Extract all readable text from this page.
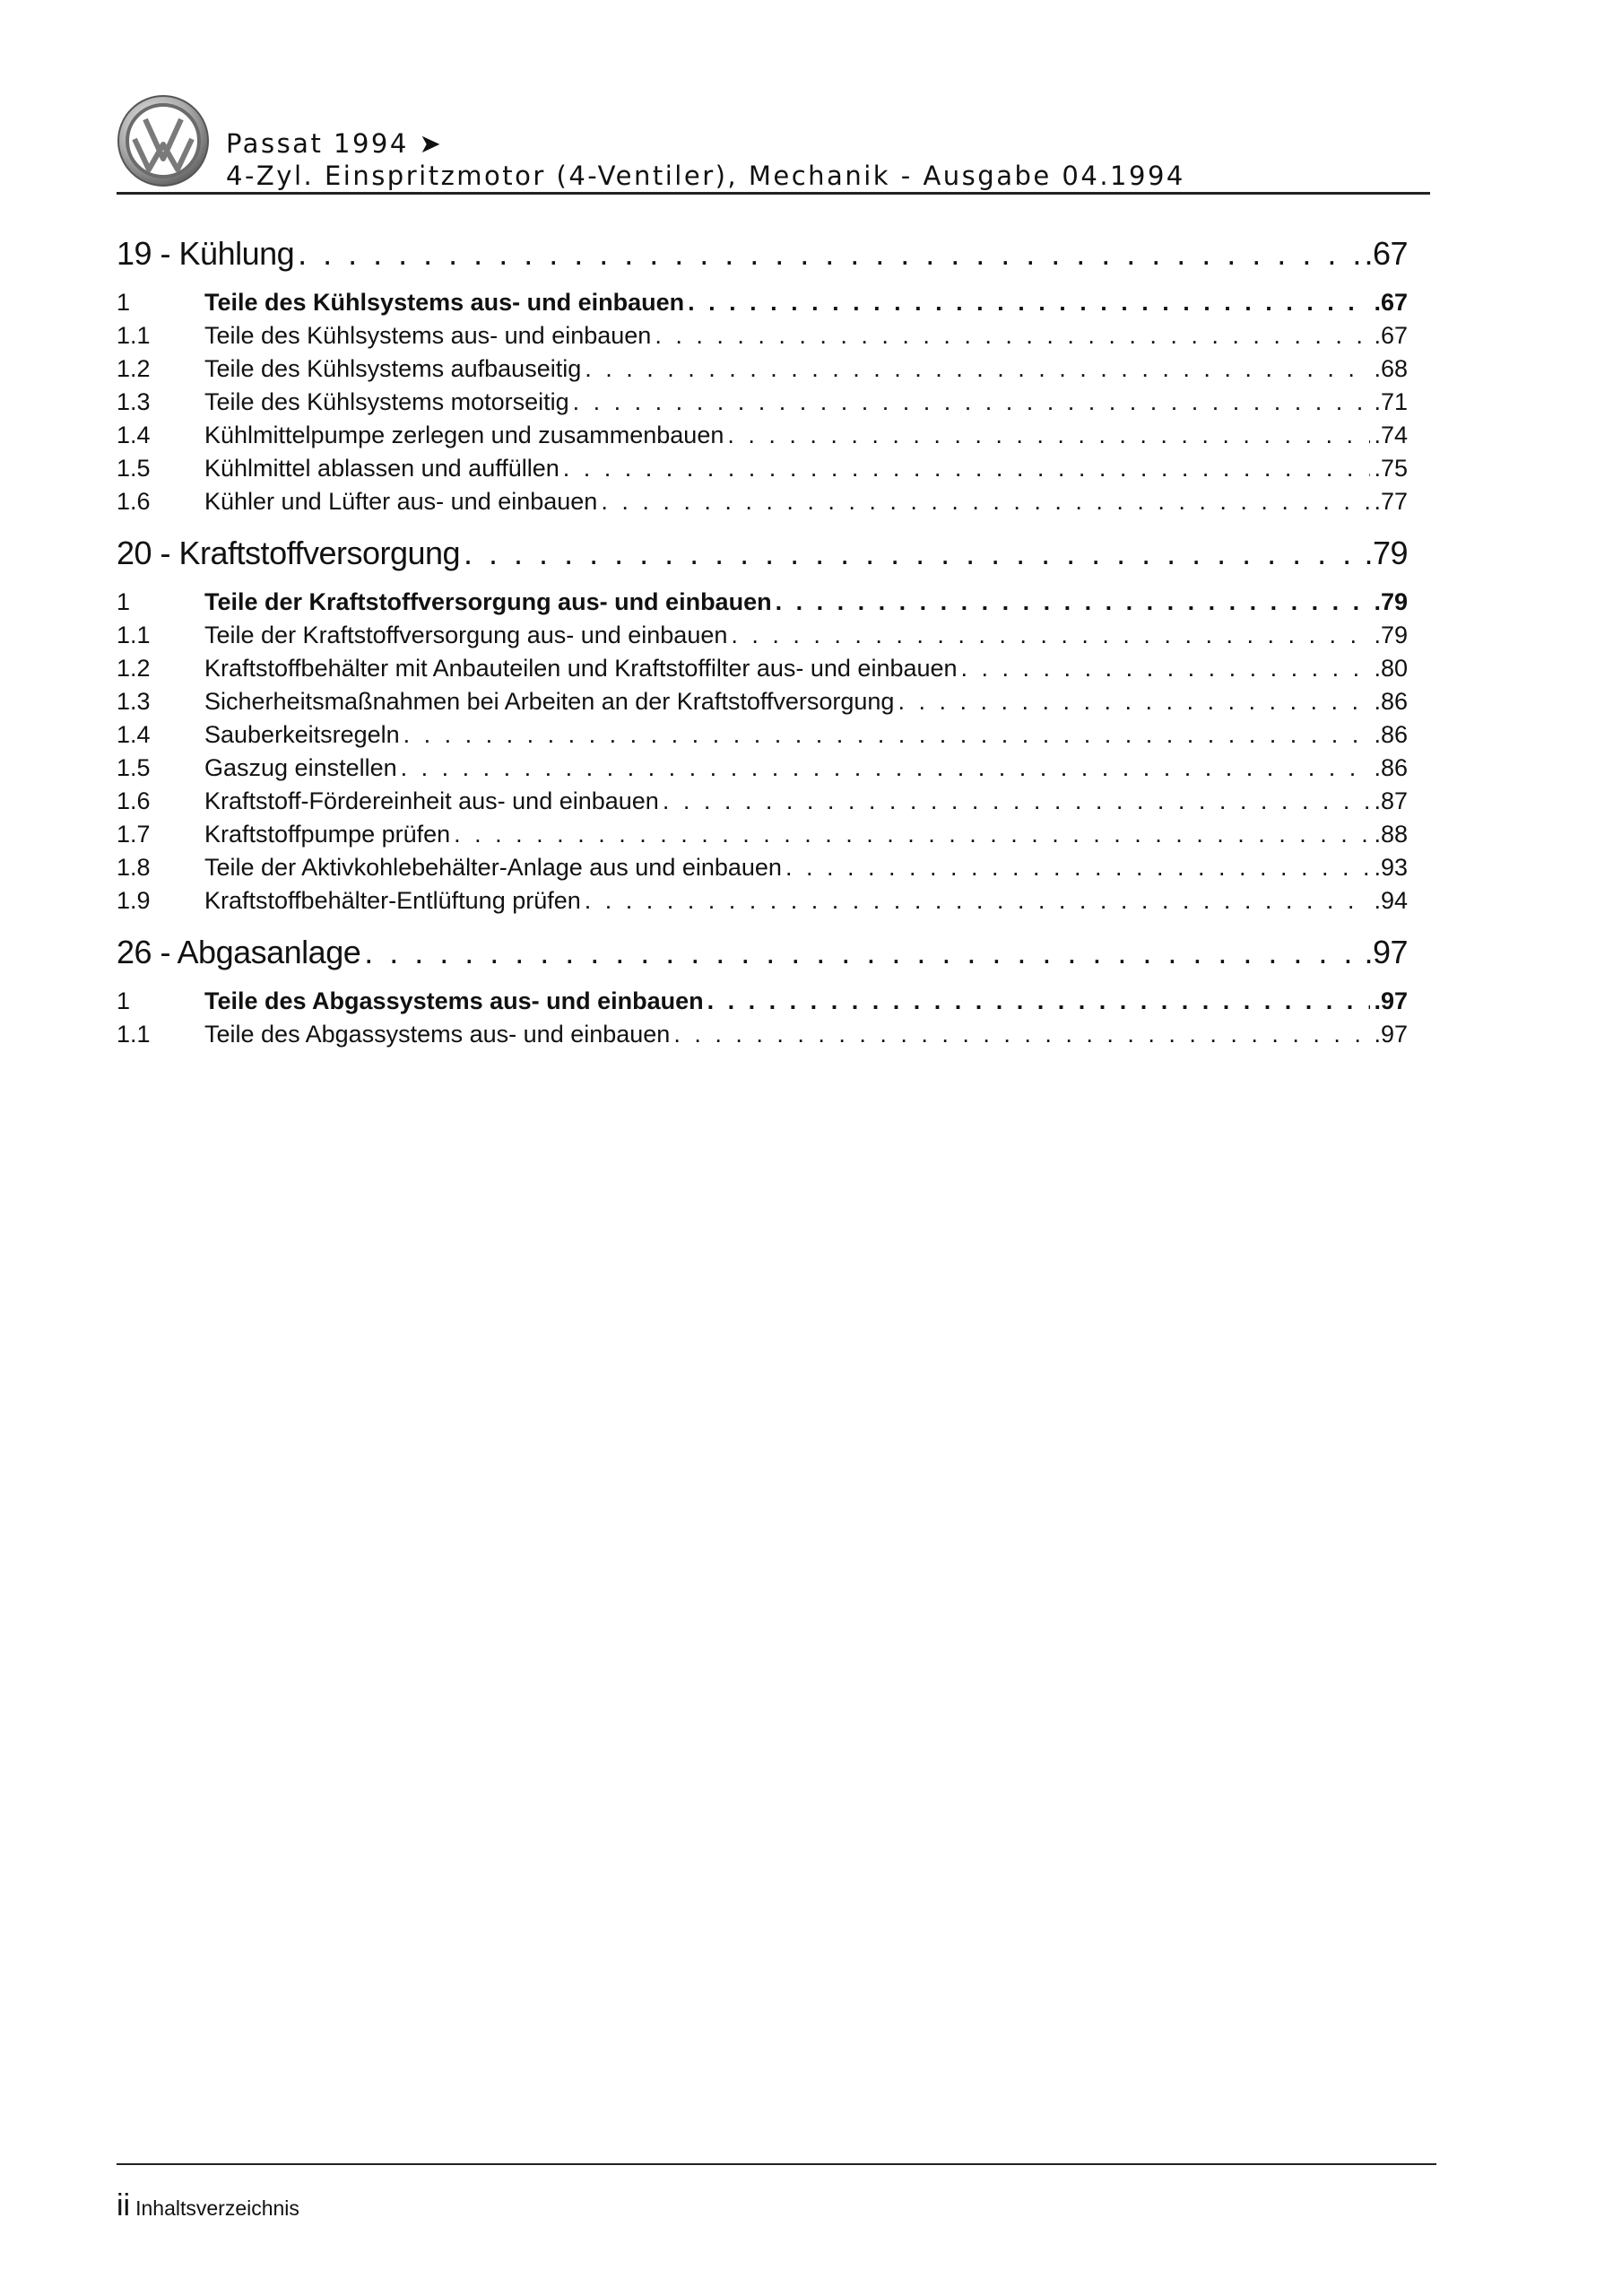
Passat 1994 ➤
4-Zyl. Einspritzmotor (4-Ventiler), Mechanik - Ausgabe 04.1994
19 - Kühlung . . .	.67
1	Teile des Kühlsystems aus- und einbauen . . .	.67
1.1	Teile des Kühlsystems aus- und einbauen . . .	.67
1.2	Teile des Kühlsystems aufbauseitig . . .	.68
1.3	Teile des Kühlsystems motorseitig . . .	.71
1.4	Kühlmittelpumpe zerlegen und zusammenbauen . . .	.74
1.5	Kühlmittel ablassen und auffüllen . . .	.75
1.6	Kühler und Lüfter aus- und einbauen . . .	.77
20 - Kraftstoffversorgung . . .	.79
1	Teile der Kraftstoffversorgung aus- und einbauen . . .	.79
1.1	Teile der Kraftstoffversorgung aus- und einbauen . . .	.79
1.2	Kraftstoffbehälter mit Anbauteilen und Kraftstoffilter aus- und einbauen . . .	.80
1.3	Sicherheitsmaßnahmen bei Arbeiten an der Kraftstoffversorgung . . .	.86
1.4	Sauberkeitsregeln . . .	.86
1.5	Gaszug einstellen . . .	.86
1.6	Kraftstoff-Fördereinheit aus- und einbauen . . .	.87
1.7	Kraftstoffpumpe prüfen . . .	.88
1.8	Teile der Aktivkohlebehälter-Anlage aus und einbauen . . .	.93
1.9	Kraftstoffbehälter-Entlüftung prüfen . . .	.94
26 - Abgasanlage . . .	.97
1	Teile des Abgassystems aus- und einbauen . . .	.97
1.1	Teile des Abgassystems aus- und einbauen . . .	.97
ii Inhaltsverzeichnis
